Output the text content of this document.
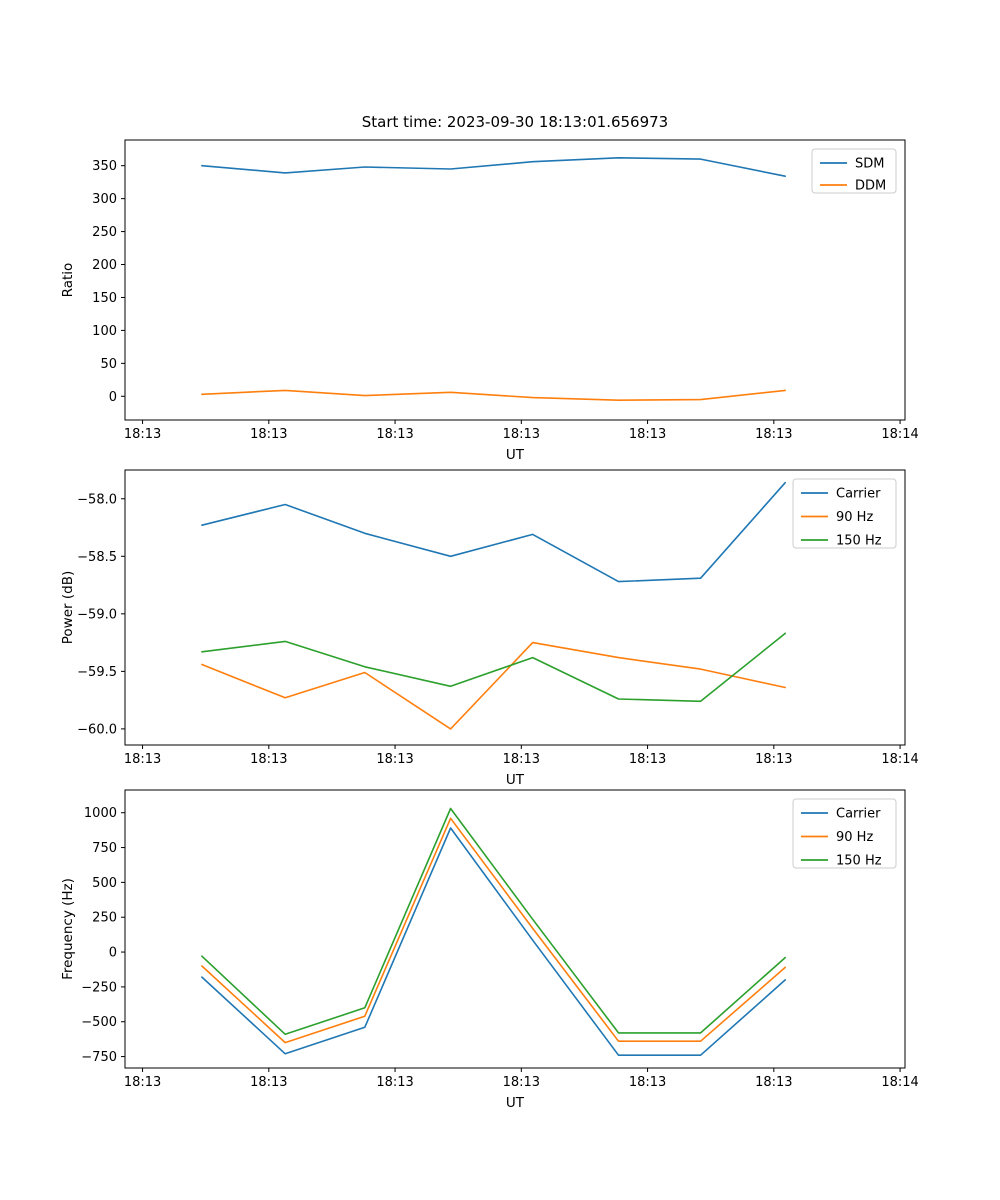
Start time: 2023-09-30 18:13:01.656973
18:13	18:13	18:13	18:13	18:13	18:13	18:14
0
50
100
150
200
250
300
350
UT
Ratio
SDM
DDM
18:13	18:13	18:13	18:13	18:13	18:13	18:14
−58.0
−58.5
−59.0
−59.5
−60.0
UT
Power (dB)
Carrier
90 Hz
150 Hz
18:13	18:13	18:13	18:13	18:13	18:13	18:14
1000
750
500
250
0
−250
−500
−750
UT
Frequency (Hz)
Carrier
90 Hz
150 Hz
